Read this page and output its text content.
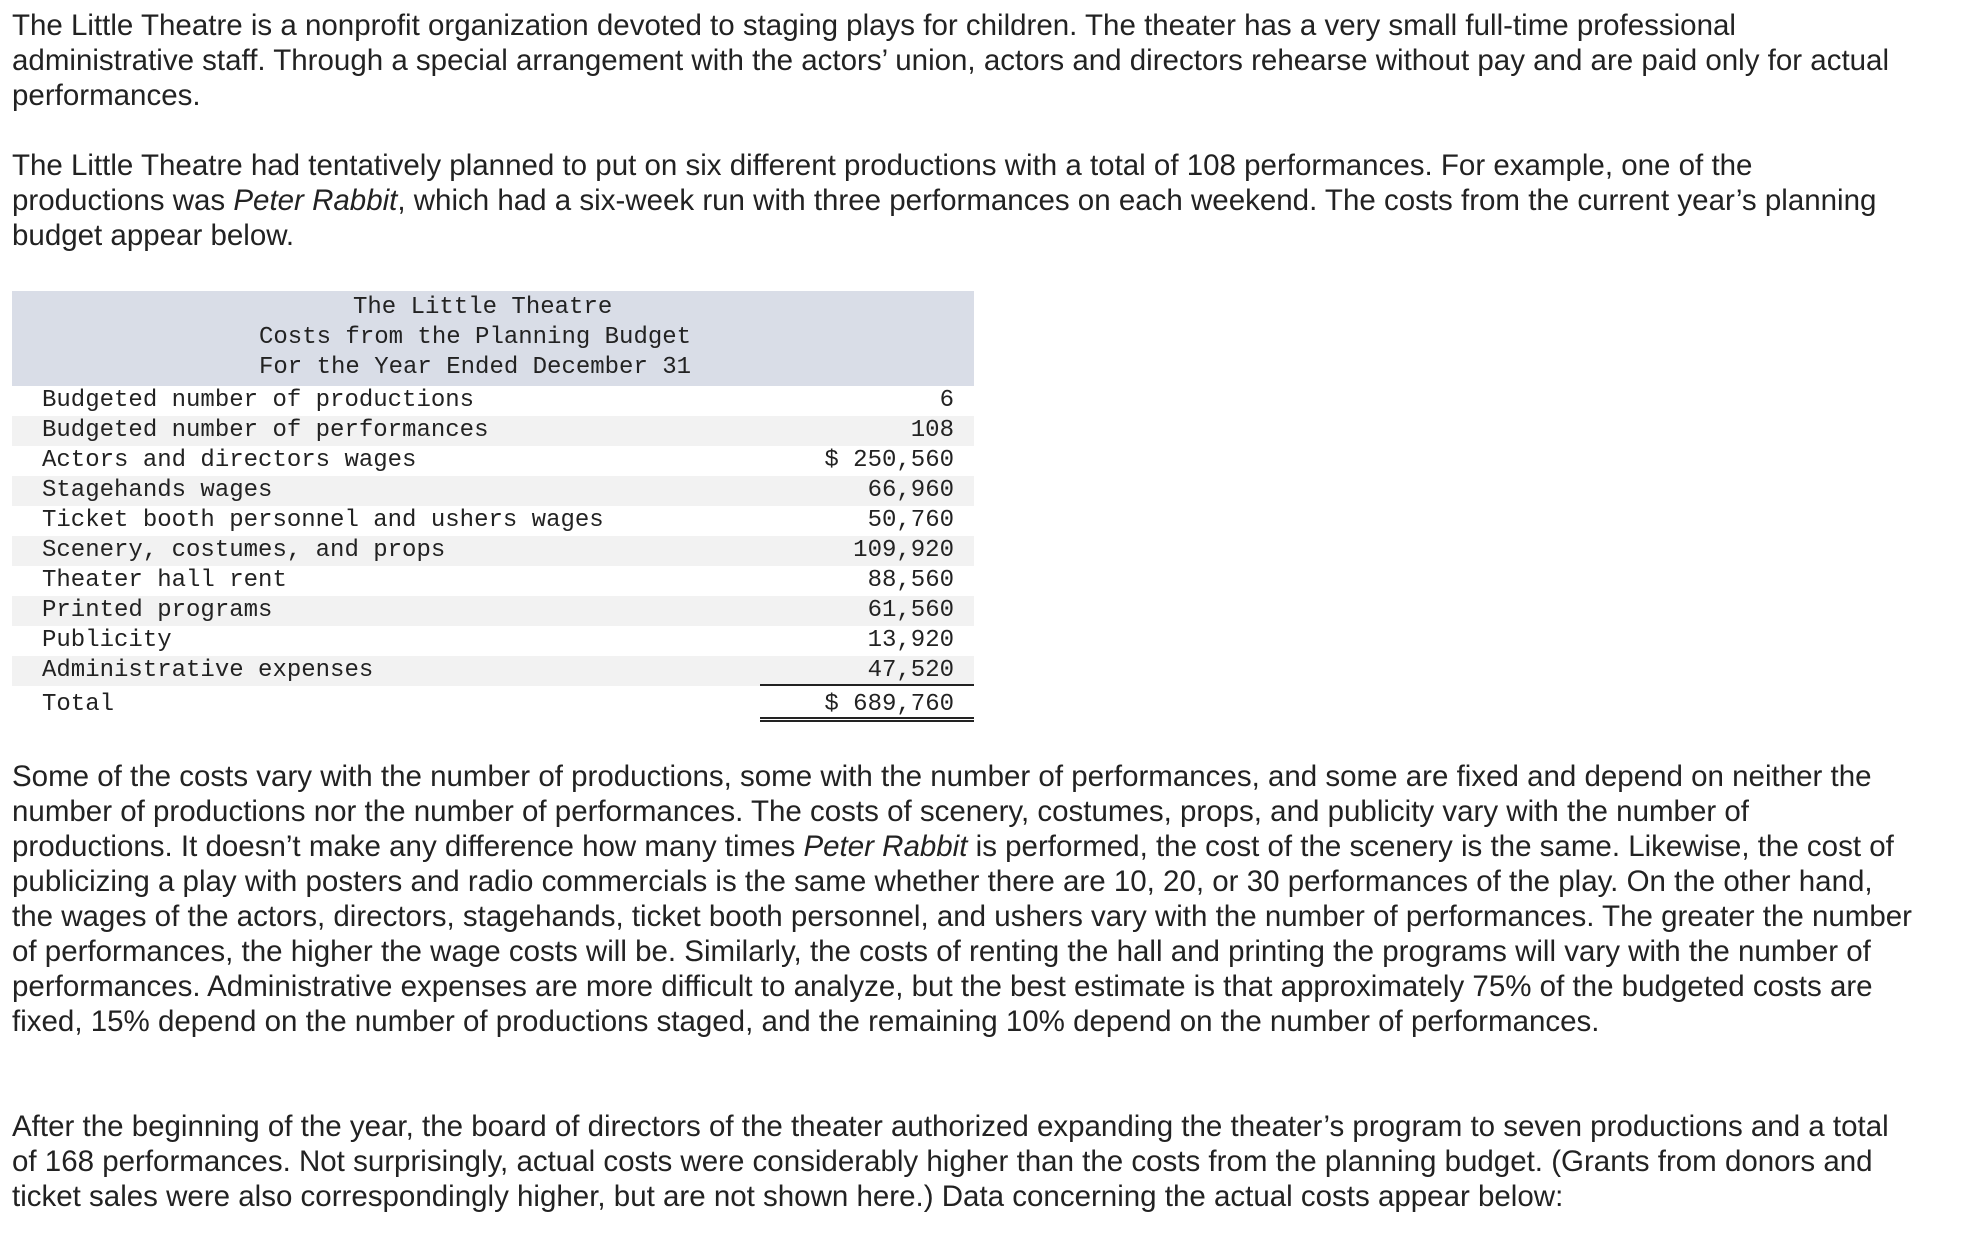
The Little Theatre is a nonprofit organization devoted to staging plays for children. The theater has a very small full-time professional administrative staff. Through a special arrangement with the actors’ union, actors and directors rehearse without pay and are paid only for actual performances.

The Little Theatre had tentatively planned to put on six different productions with a total of 108 performances. For example, one of the productions was Peter Rabbit, which had a six-week run with three performances on each weekend. The costs from the current year’s planning budget appear below.

The Little Theatre
Costs from the Planning Budget
For the Year Ended December 31
Budgeted number of productions	6
Budgeted number of performances	108
Actors and directors wages	$ 250,560
Stagehands wages	66,960
Ticket booth personnel and ushers wages	50,760
Scenery, costumes, and props	109,920
Theater hall rent	88,560
Printed programs	61,560
Publicity	13,920
Administrative expenses	47,520
Total	$ 689,760

Some of the costs vary with the number of productions, some with the number of performances, and some are fixed and depend on neither the number of productions nor the number of performances. The costs of scenery, costumes, props, and publicity vary with the number of productions. It doesn’t make any difference how many times Peter Rabbit is performed, the cost of the scenery is the same. Likewise, the cost of publicizing a play with posters and radio commercials is the same whether there are 10, 20, or 30 performances of the play. On the other hand, the wages of the actors, directors, stagehands, ticket booth personnel, and ushers vary with the number of performances. The greater the number of performances, the higher the wage costs will be. Similarly, the costs of renting the hall and printing the programs will vary with the number of performances. Administrative expenses are more difficult to analyze, but the best estimate is that approximately 75% of the budgeted costs are fixed, 15% depend on the number of productions staged, and the remaining 10% depend on the number of performances.

After the beginning of the year, the board of directors of the theater authorized expanding the theater’s program to seven productions and a total of 168 performances. Not surprisingly, actual costs were considerably higher than the costs from the planning budget. (Grants from donors and ticket sales were also correspondingly higher, but are not shown here.) Data concerning the actual costs appear below:
